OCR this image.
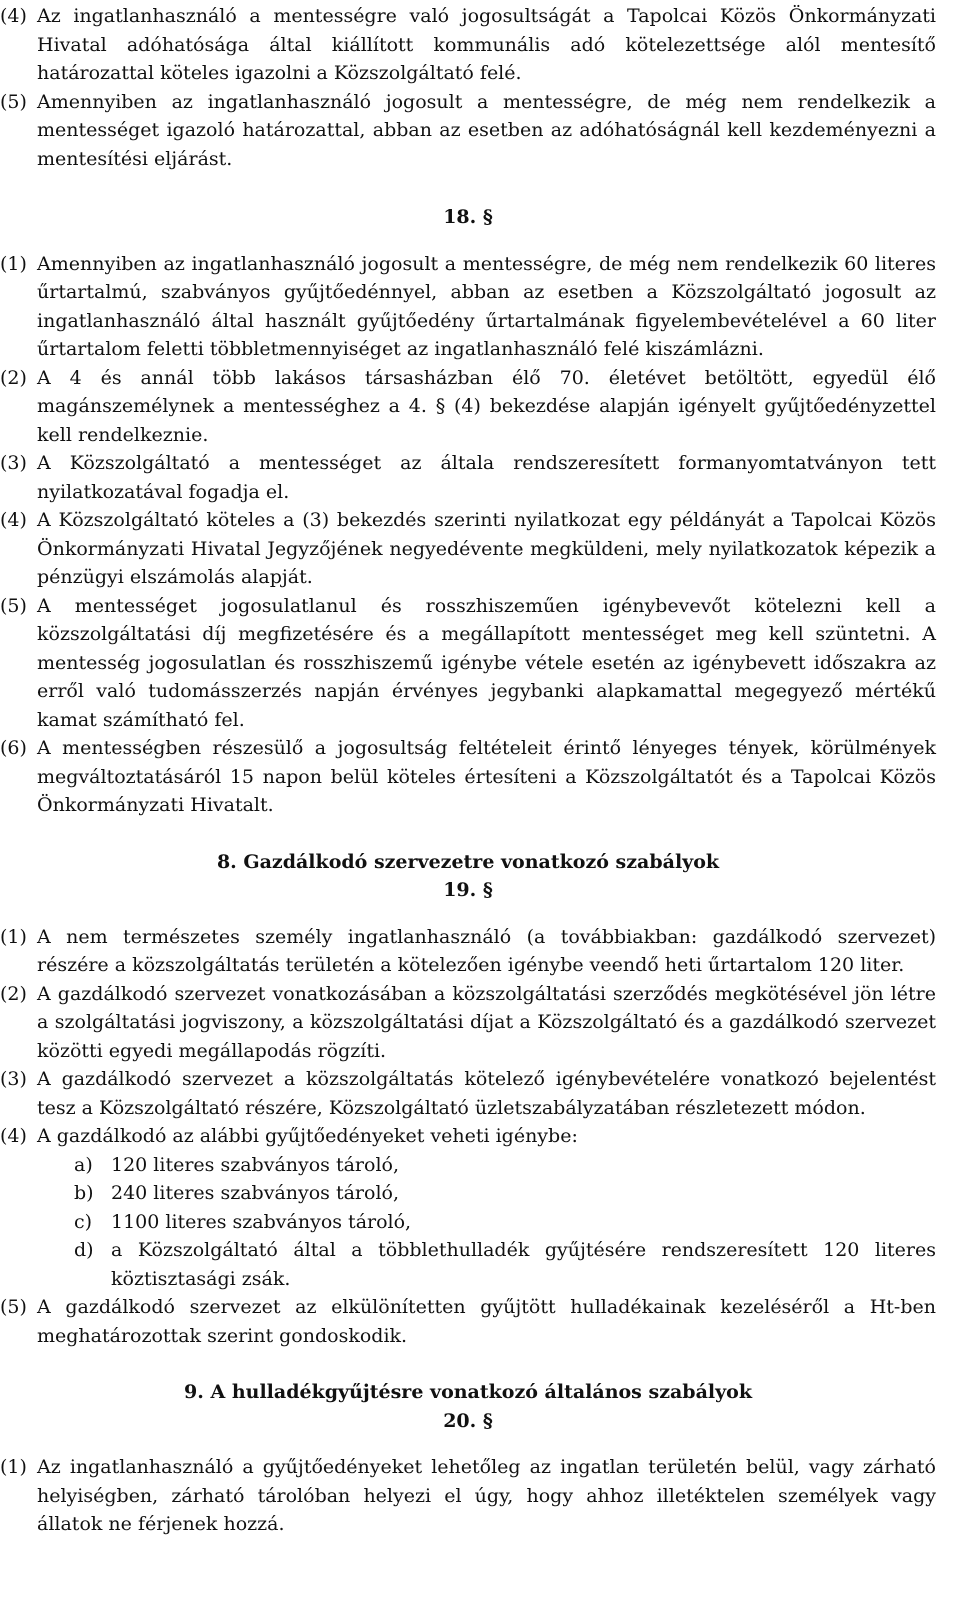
(4) Az ingatlanhasználó a mentességre való jogosultságát a Tapolcai Közös Önkormányzati Hivatal adóhatósága által kiállított kommunális adó kötelezettsége alól mentesítő határozattal köteles igazolni a Közszolgáltató felé.

(5) Amennyiben az ingatlanhasználó jogosult a mentességre, de még nem rendelkezik a mentességet igazoló határozattal, abban az esetben az adóhatóságnál kell kezdeményezni a mentesítési eljárást.

18. §

(1) Amennyiben az ingatlanhasználó jogosult a mentességre, de még nem rendelkezik 60 literes űrtartalmú, szabványos gyűjtőedénnyel, abban az esetben a Közszolgáltató jogosult az ingatlanhasználó által használt gyűjtőedény űrtartalmának figyelembevételével a 60 liter űrtartalom feletti többletmennyiséget az ingatlanhasználó felé kiszámlázni.

(2) A 4 és annál több lakásos társasházban élő 70. életévet betöltött, egyedül élő magánszemélynek a mentességhez a 4. § (4) bekezdése alapján igényelt gyűjtőedényzettel kell rendelkeznie.

(3) A Közszolgáltató a mentességet az általa rendszeresített formanyomtatványon tett nyilatkozatával fogadja el.

(4) A Közszolgáltató köteles a (3) bekezdés szerinti nyilatkozat egy példányát a Tapolcai Közös Önkormányzati Hivatal Jegyzőjének negyedévente megküldeni, mely nyilatkozatok képezik a pénzügyi elszámolás alapját.

(5) A mentességet jogosulatlanul és rosszhiszeműen igénybevevőt kötelezni kell a közszolgáltatási díj megfizetésére és a megállapított mentességet meg kell szüntetni. A mentesség jogosulatlan és rosszhiszemű igénybe vétele esetén az igénybevett időszakra az erről való tudomásszerzés napján érvényes jegybanki alapkamattal megegyező mértékű kamat számítható fel.

(6) A mentességben részesülő a jogosultság feltételeit érintő lényeges tények, körülmények megváltoztatásáról 15 napon belül köteles értesíteni a Közszolgáltatót és a Tapolcai Közös Önkormányzati Hivatalt.

8. Gazdálkodó szervezetre vonatkozó szabályok

19. §

(1) A nem természetes személy ingatlanhasználó (a továbbiakban: gazdálkodó szervezet) részére a közszolgáltatás területén a kötelezően igénybe veendő heti űrtartalom 120 liter.

(2) A gazdálkodó szervezet vonatkozásában a közszolgáltatási szerződés megkötésével jön létre a szolgáltatási jogviszony, a közszolgáltatási díjat a Közszolgáltató és a gazdálkodó szervezet közötti egyedi megállapodás rögzíti.

(3) A gazdálkodó szervezet a közszolgáltatás kötelező igénybevételére vonatkozó bejelentést tesz a Közszolgáltató részére, Közszolgáltató üzletszabályzatában részletezett módon.

(4) A gazdálkodó az alábbi gyűjtőedényeket veheti igénybe:

a) 120 literes szabványos tároló,

b) 240 literes szabványos tároló,

c) 1100 literes szabványos tároló,

d) a Közszolgáltató által a többlethulladék gyűjtésére rendszeresített 120 literes köztisztasági zsák.

(5) A gazdálkodó szervezet az elkülönítetten gyűjtött hulladékainak kezeléséről a Ht-ben meghatározottak szerint gondoskodik.

9. A hulladékgyűjtésre vonatkozó általános szabályok

20. §

(1) Az ingatlanhasználó a gyűjtőedényeket lehetőleg az ingatlan területén belül, vagy zárható helyiségben, zárható tárolóban helyezi el úgy, hogy ahhoz illetéktelen személyek vagy állatok ne férjenek hozzá.
